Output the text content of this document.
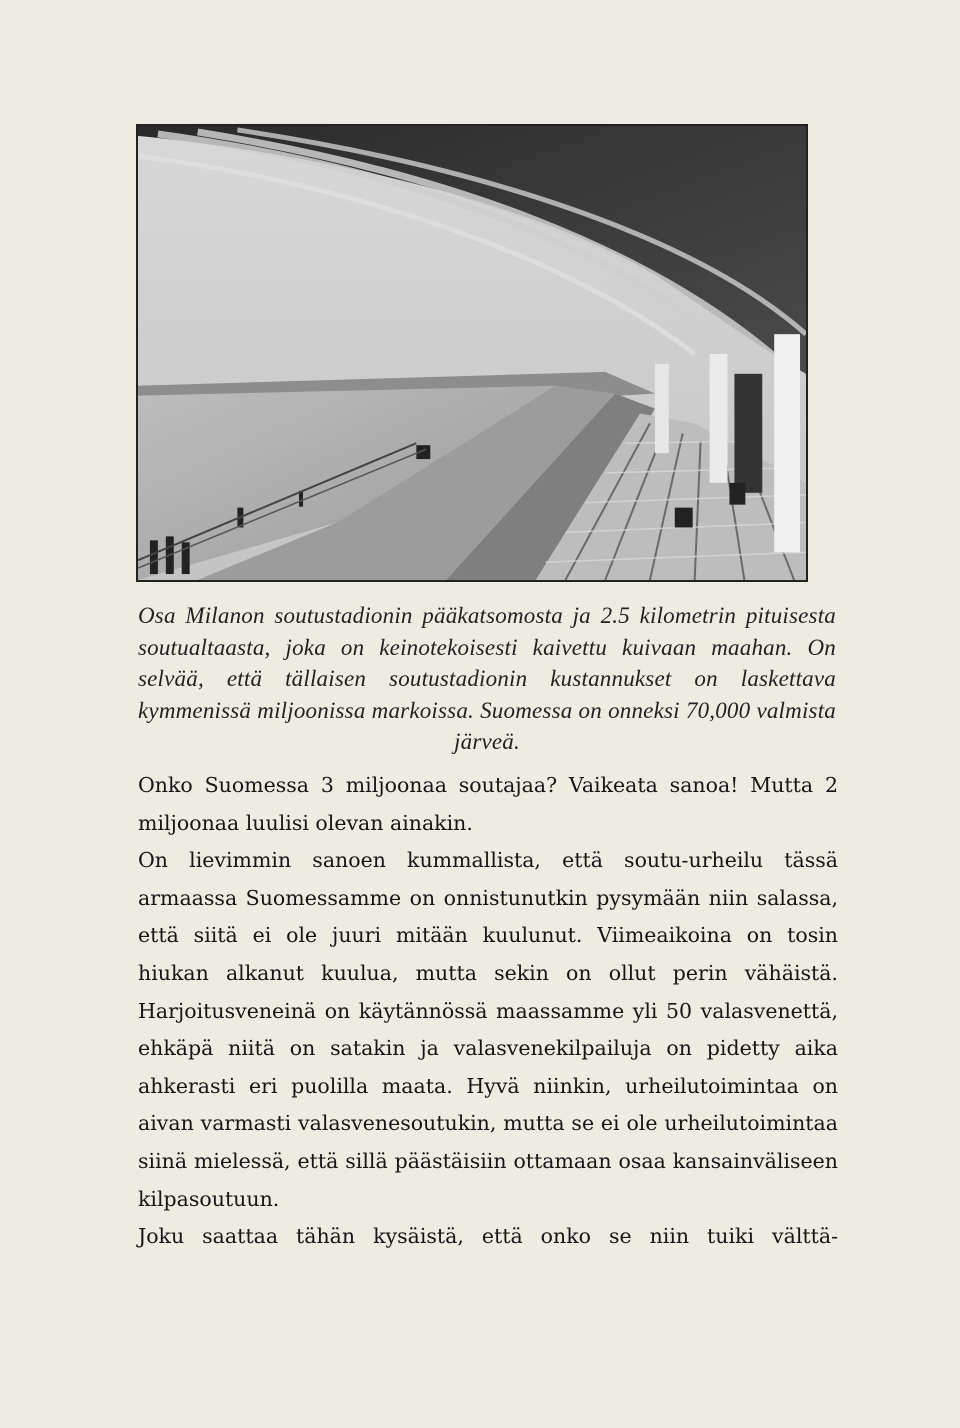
Osa Milanon soutustadionin pääkatsomosta ja 2.5 kilometrin pituisesta soutualtaasta, joka on keinotekoisesti kaivettu kuivaan maahan. On selvää, että tällaisen soutustadionin kustannukset on laskettava kymmenissä miljoonissa markoissa. Suomessa on onneksi 70,000 valmista järveä.

Onko Suomessa 3 miljoonaa soutajaa? Vaikeata sanoa! Mutta 2 miljoonaa luulisi olevan ainakin.

On lievimmin sanoen kummallista, että soutu-urheilu tässä armaassa Suomessamme on onnistunutkin pysymään niin salassa, että siitä ei ole juuri mitään kuulunut. Viimeaikoina on tosin hiukan alkanut kuulua, mutta sekin on ollut perin vähäistä. Harjoitusveneinä on käytännössä maassamme yli 50 valasvenettä, ehkäpä niitä on satakin ja valasvenekilpailuja on pidetty aika ahkerasti eri puolilla maata. Hyvä niinkin, urheilutoimintaa on aivan varmasti valasvenesoutukin, mutta se ei ole urheilutoimintaa siinä mielessä, että sillä päästäisiin ottamaan osaa kansainväliseen kilpasoutuun.

Joku saattaa tähän kysäistä, että onko se niin tuiki välttä-
